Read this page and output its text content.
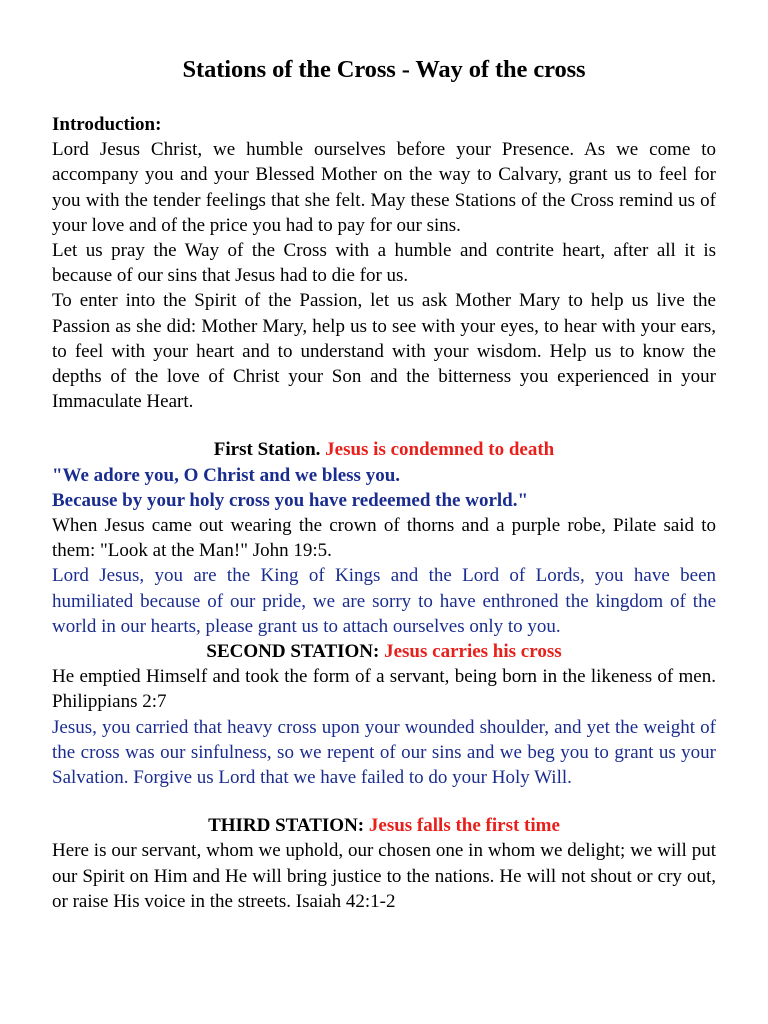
Stations of the Cross - Way of the cross
Introduction:

Lord Jesus Christ, we humble ourselves before your Presence. As we come to accompany you and your Blessed Mother on the way to Calvary, grant us to feel for you with the tender feelings that she felt. May these Stations of the Cross remind us of your love and of the price you had to pay for our sins.

Let us pray the Way of the Cross with a humble and contrite heart, after all it is because of our sins that Jesus had to die for us.

To enter into the Spirit of the Passion, let us ask Mother Mary to help us live the Passion as she did: Mother Mary, help us to see with your eyes, to hear with your ears, to feel with your heart and to understand with your wisdom. Help us to know the depths of the love of Christ your Son and the bitterness you experienced in your Immaculate Heart.

First Station. Jesus is condemned to death

"We adore you, O Christ and we bless you.

Because by your holy cross you have redeemed the world."

When Jesus came out wearing the crown of thorns and a purple robe, Pilate said to them: "Look at the Man!" John 19:5.

Lord Jesus, you are the King of Kings and the Lord of Lords, you have been humiliated because of our pride, we are sorry to have enthroned the kingdom of the world in our hearts, please grant us to attach ourselves only to you.

SECOND STATION: Jesus carries his cross

He emptied Himself and took the form of a servant, being born in the likeness of men. Philippians 2:7

Jesus, you carried that heavy cross upon your wounded shoulder, and yet the weight of the cross was our sinfulness, so we repent of our sins and we beg you to grant us your Salvation. Forgive us Lord that we have failed to do your Holy Will.

THIRD STATION: Jesus falls the first time

Here is our servant, whom we uphold, our chosen one in whom we delight; we will put our Spirit on Him and He will bring justice to the nations. He will not shout or cry out, or raise His voice in the streets. Isaiah 42:1-2
